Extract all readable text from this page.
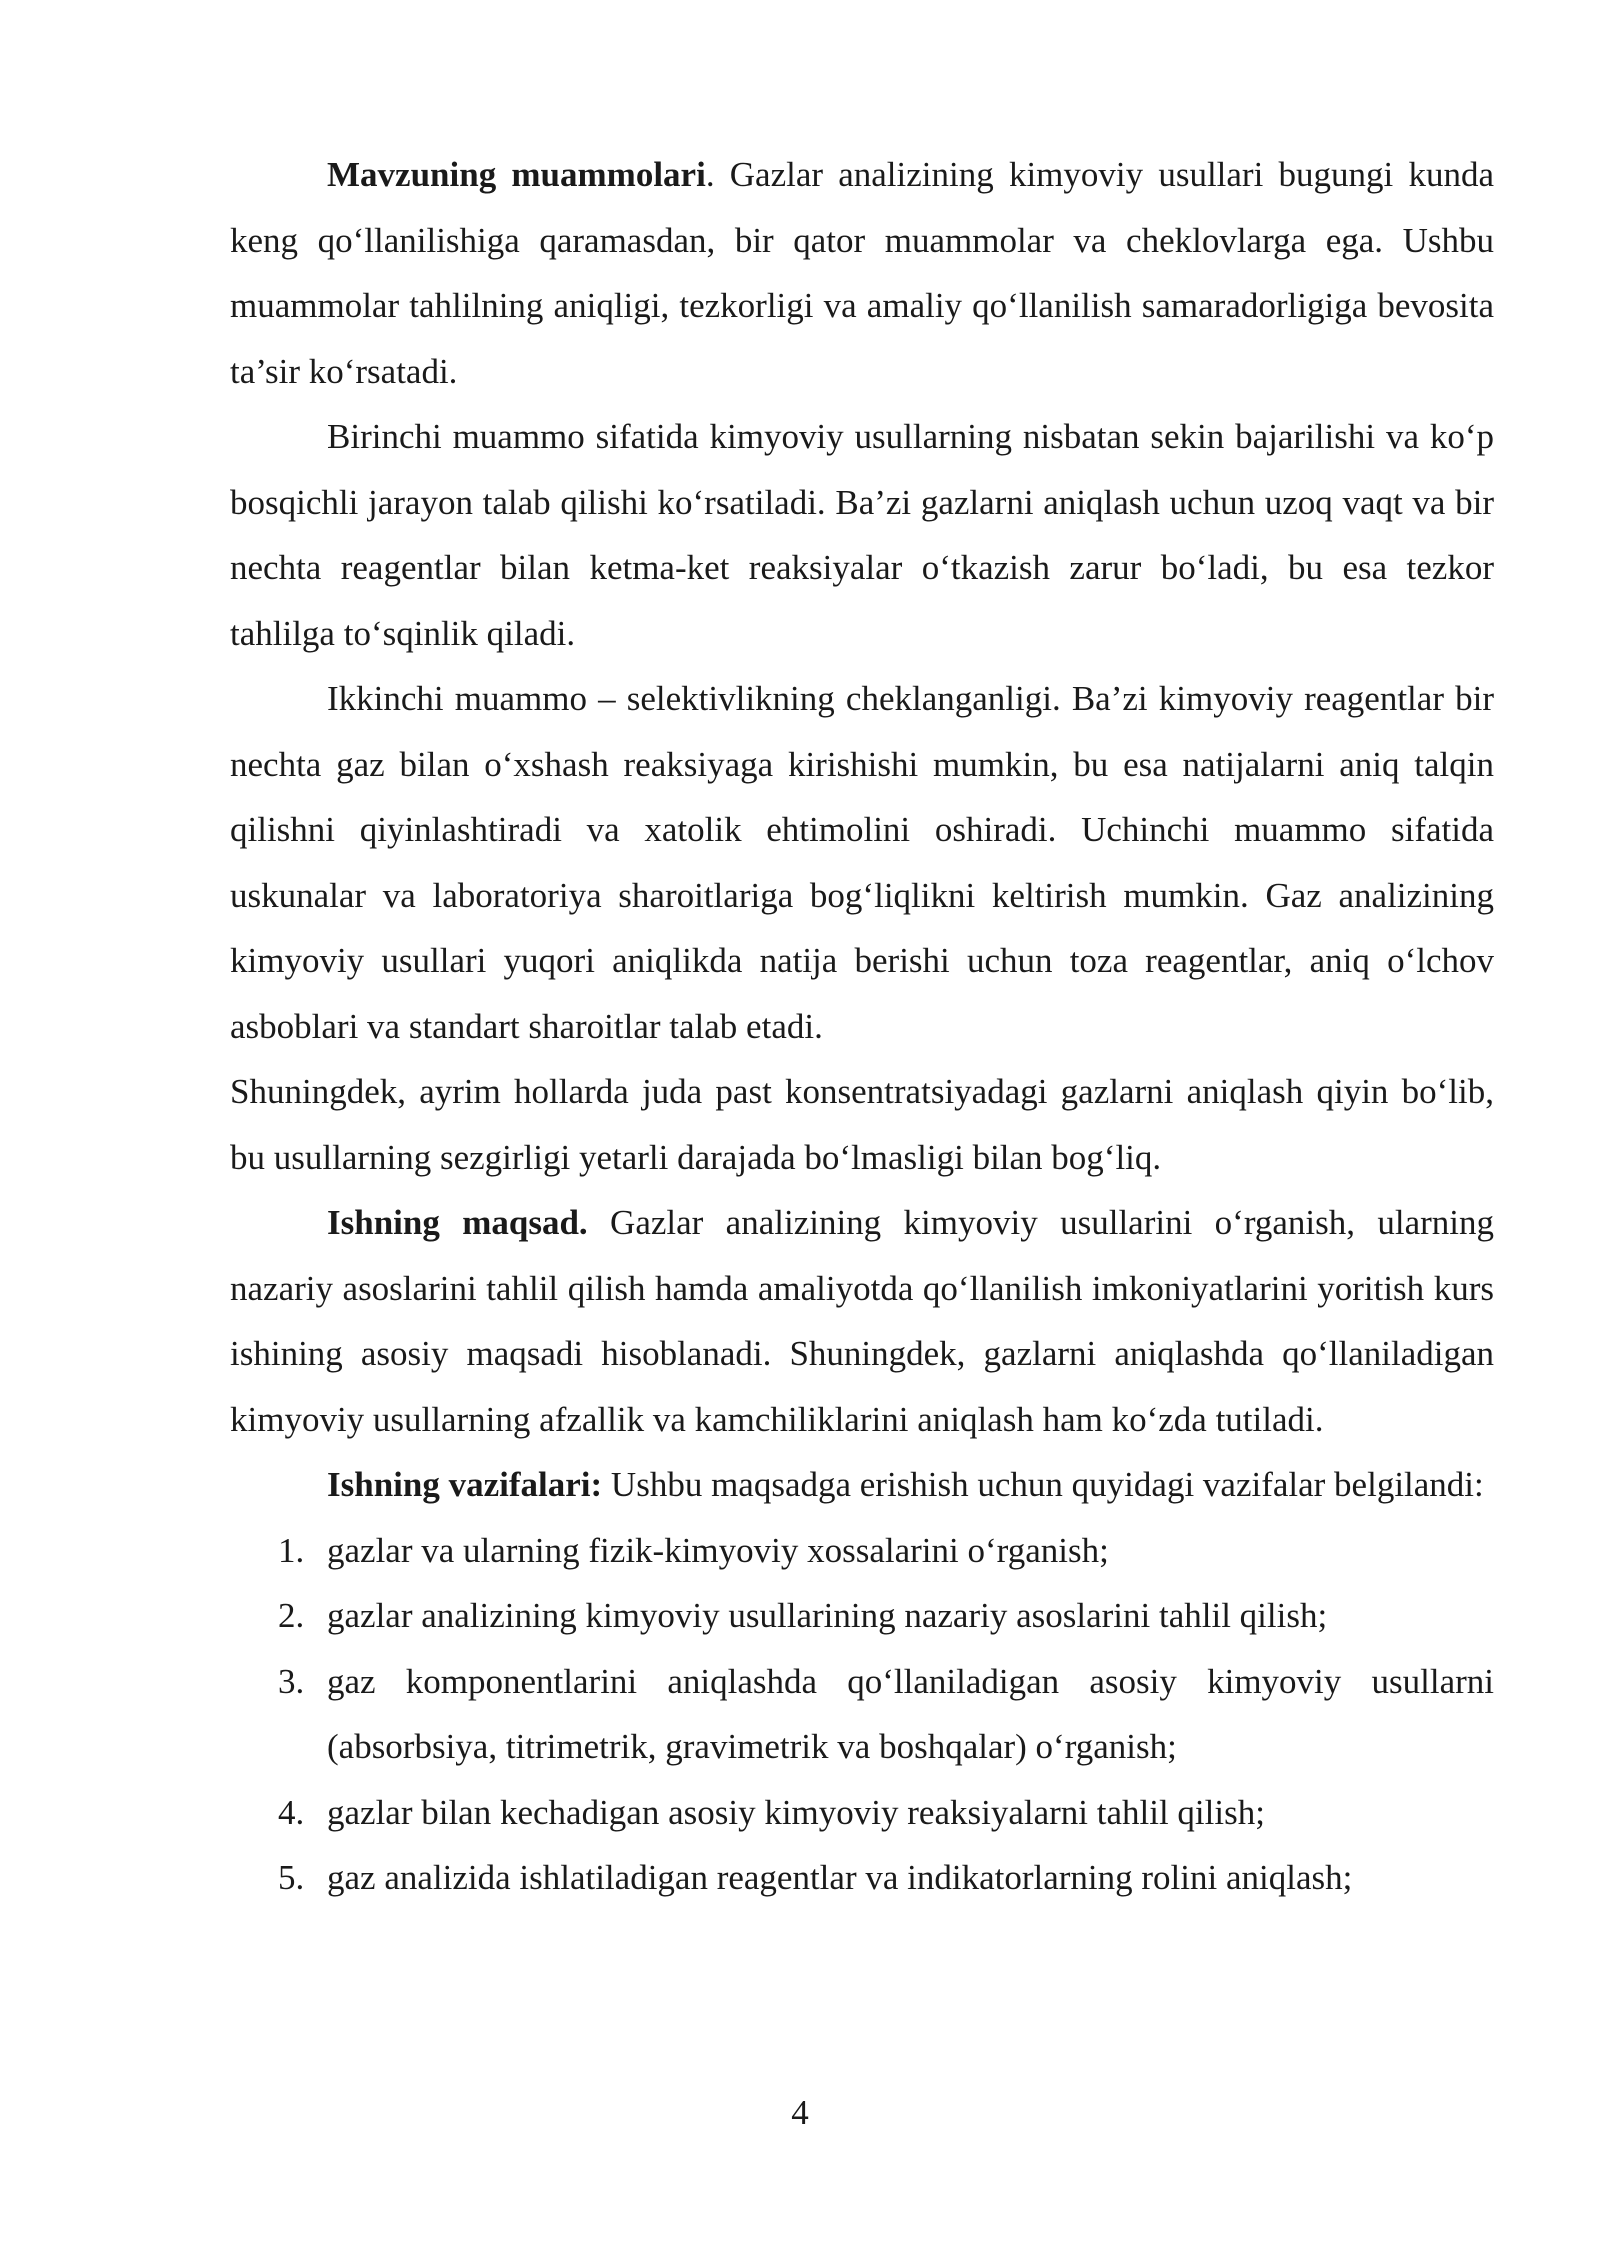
Mavzuning muammolari. Gazlar analizining kimyoviy usullari bugungi kunda keng qo‘llanilishiga qaramasdan, bir qator muammolar va cheklovlarga ega. Ushbu muammolar tahlilning aniqligi, tezkorligi va amaliy qo‘llanilish samaradorligiga bevosita ta’sir ko‘rsatadi.

Birinchi muammo sifatida kimyoviy usullarning nisbatan sekin bajarilishi va ko‘p bosqichli jarayon talab qilishi ko‘rsatiladi. Ba’zi gazlarni aniqlash uchun uzoq vaqt va bir nechta reagentlar bilan ketma-ket reaksiyalar o‘tkazish zarur bo‘ladi, bu esa tezkor tahlilga to‘sqinlik qiladi.

Ikkinchi muammo – selektivlikning cheklanganligi. Ba’zi kimyoviy reagentlar bir nechta gaz bilan o‘xshash reaksiyaga kirishishi mumkin, bu esa natijalarni aniq talqin qilishni qiyinlashtiradi va xatolik ehtimolini oshiradi. Uchinchi muammo sifatida uskunalar va laboratoriya sharoitlariga bog‘liqlikni keltirish mumkin. Gaz analizining kimyoviy usullari yuqori aniqlikda natija berishi uchun toza reagentlar, aniq o‘lchov asboblari va standart sharoitlar talab etadi.

Shuningdek, ayrim hollarda juda past konsentratsiyadagi gazlarni aniqlash qiyin bo‘lib, bu usullarning sezgirligi yetarli darajada bo‘lmasligi bilan bog‘liq.

Ishning maqsad. Gazlar analizining kimyoviy usullarini o‘rganish, ularning nazariy asoslarini tahlil qilish hamda amaliyotda qo‘llanilish imkoniyatlarini yoritish kurs ishining asosiy maqsadi hisoblanadi. Shuningdek, gazlarni aniqlashda qo‘llaniladigan kimyoviy usullarning afzallik va kamchiliklarini aniqlash ham ko‘zda tutiladi.

Ishning vazifalari: Ushbu maqsadga erishish uchun quyidagi vazifalar belgilandi:

1. gazlar va ularning fizik-kimyoviy xossalarini o‘rganish;
2. gazlar analizining kimyoviy usullarining nazariy asoslarini tahlil qilish;
3. gaz komponentlarini aniqlashda qo‘llaniladigan asosiy kimyoviy usullarni (absorbsiya, titrimetrik, gravimetrik va boshqalar) o‘rganish;
4. gazlar bilan kechadigan asosiy kimyoviy reaksiyalarni tahlil qilish;
5. gaz analizida ishlatiladigan reagentlar va indikatorlarning rolini aniqlash;
4
